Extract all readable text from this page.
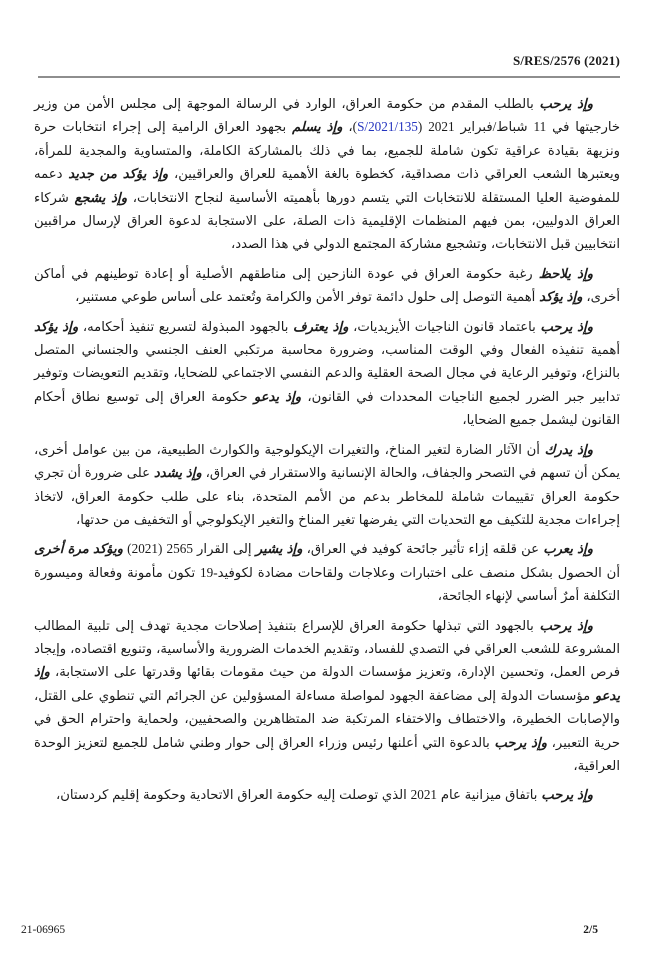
S/RES/2576 (2021)

وإذ يرحب بالطلب المقدم من حكومة العراق، الوارد في الرسالة الموجهة إلى مجلس الأمن من وزير خارجيتها في 11 شباط/فبراير 2021 (S/2021/135)، وإذ يسلم بجهود العراق الرامية إلى إجراء انتخابات حرة ونزيهة بقيادة عراقية تكون شاملة للجميع، بما في ذلك بالمشاركة الكاملة، والمتساوية والمجدية للمرأة، ويعتبرها الشعب العراقي ذات مصداقية، كخطوة بالغة الأهمية للعراق والعراقيين، وإذ يؤكد من جديد دعمه للمفوضية العليا المستقلة للانتخابات التي يتسم دورها بأهميته الأساسية لنجاح الانتخابات، وإذ يشجع شركاء العراق الدوليين، بمن فيهم المنظمات الإقليمية ذات الصلة، على الاستجابة لدعوة العراق لإرسال مراقبين انتخابيين قبل الانتخابات، وتشجيع مشاركة المجتمع الدولي في هذا الصدد،

وإذ يلاحظ رغبة حكومة العراق في عودة النازحين إلى مناطقهم الأصلية أو إعادة توطينهم في أماكن أخرى، وإذ يؤكد أهمية التوصل إلى حلول دائمة توفر الأمن والكرامة وتُعتمد على أساس طوعي مستنير،

وإذ يرحب باعتماد قانون الناجيات الأيزيديات، وإذ يعترف بالجهود المبذولة لتسريع تنفيذ أحكامه، وإذ يؤكد أهمية تنفيذه الفعال وفي الوقت المناسب، وضرورة محاسبة مرتكبي العنف الجنسي والجنساني المتصل بالنزاع، وتوفير الرعاية في مجال الصحة العقلية والدعم النفسي الاجتماعي للضحايا، وتقديم التعويضات وتوفير تدابير جبر الضرر لجميع الناجيات المحددات في القانون، وإذ يدعو حكومة العراق إلى توسيع نطاق أحكام القانون ليشمل جميع الضحايا،

وإذ يدرك أن الآثار الضارة لتغير المناخ، والتغيرات الإيكولوجية والكوارث الطبيعية، من بين عوامل أخرى، يمكن أن تسهم في التصحر والجفاف، والحالة الإنسانية والاستقرار في العراق، وإذ يشدد على ضرورة أن تجري حكومة العراق تقييمات شاملة للمخاطر بدعم من الأمم المتحدة، بناء على طلب حكومة العراق، لاتخاذ إجراءات مجدية للتكيف مع التحديات التي يفرضها تغير المناخ والتغير الإيكولوجي أو التخفيف من حدتها،

وإذ يعرب عن قلقه إزاء تأثير جائحة كوفيد في العراق، وإذ يشير إلى القرار 2565 (2021) ويؤكد مرة أخرى أن الحصول بشكل منصف على اختبارات وعلاجات ولقاحات مضادة لكوفيد-19 تكون مأمونة وفعالة وميسورة التكلفة أمرٌ أساسي لإنهاء الجائحة،

وإذ يرحب بالجهود التي تبذلها حكومة العراق للإسراع بتنفيذ إصلاحات مجدية تهدف إلى تلبية المطالب المشروعة للشعب العراقي في التصدي للفساد، وتقديم الخدمات الضرورية والأساسية، وتنويع اقتصاده، وإيجاد فرص العمل، وتحسين الإدارة، وتعزيز مؤسسات الدولة من حيث مقومات بقائها وقدرتها على الاستجابة، وإذ يدعو مؤسسات الدولة إلى مضاعفة الجهود لمواصلة مساءلة المسؤولين عن الجرائم التي تنطوي على القتل، والإصابات الخطيرة، والاختطاف والاختفاء المرتكبة ضد المتظاهرين والصحفيين، ولحماية واحترام الحق في حرية التعبير، وإذ يرحب بالدعوة التي أعلنها رئيس وزراء العراق إلى حوار وطني شامل للجميع لتعزيز الوحدة العراقية،

وإذ يرحب باتفاق ميزانية عام 2021 الذي توصلت إليه حكومة العراق الاتحادية وحكومة إقليم كردستان،

21-06965	2/5
